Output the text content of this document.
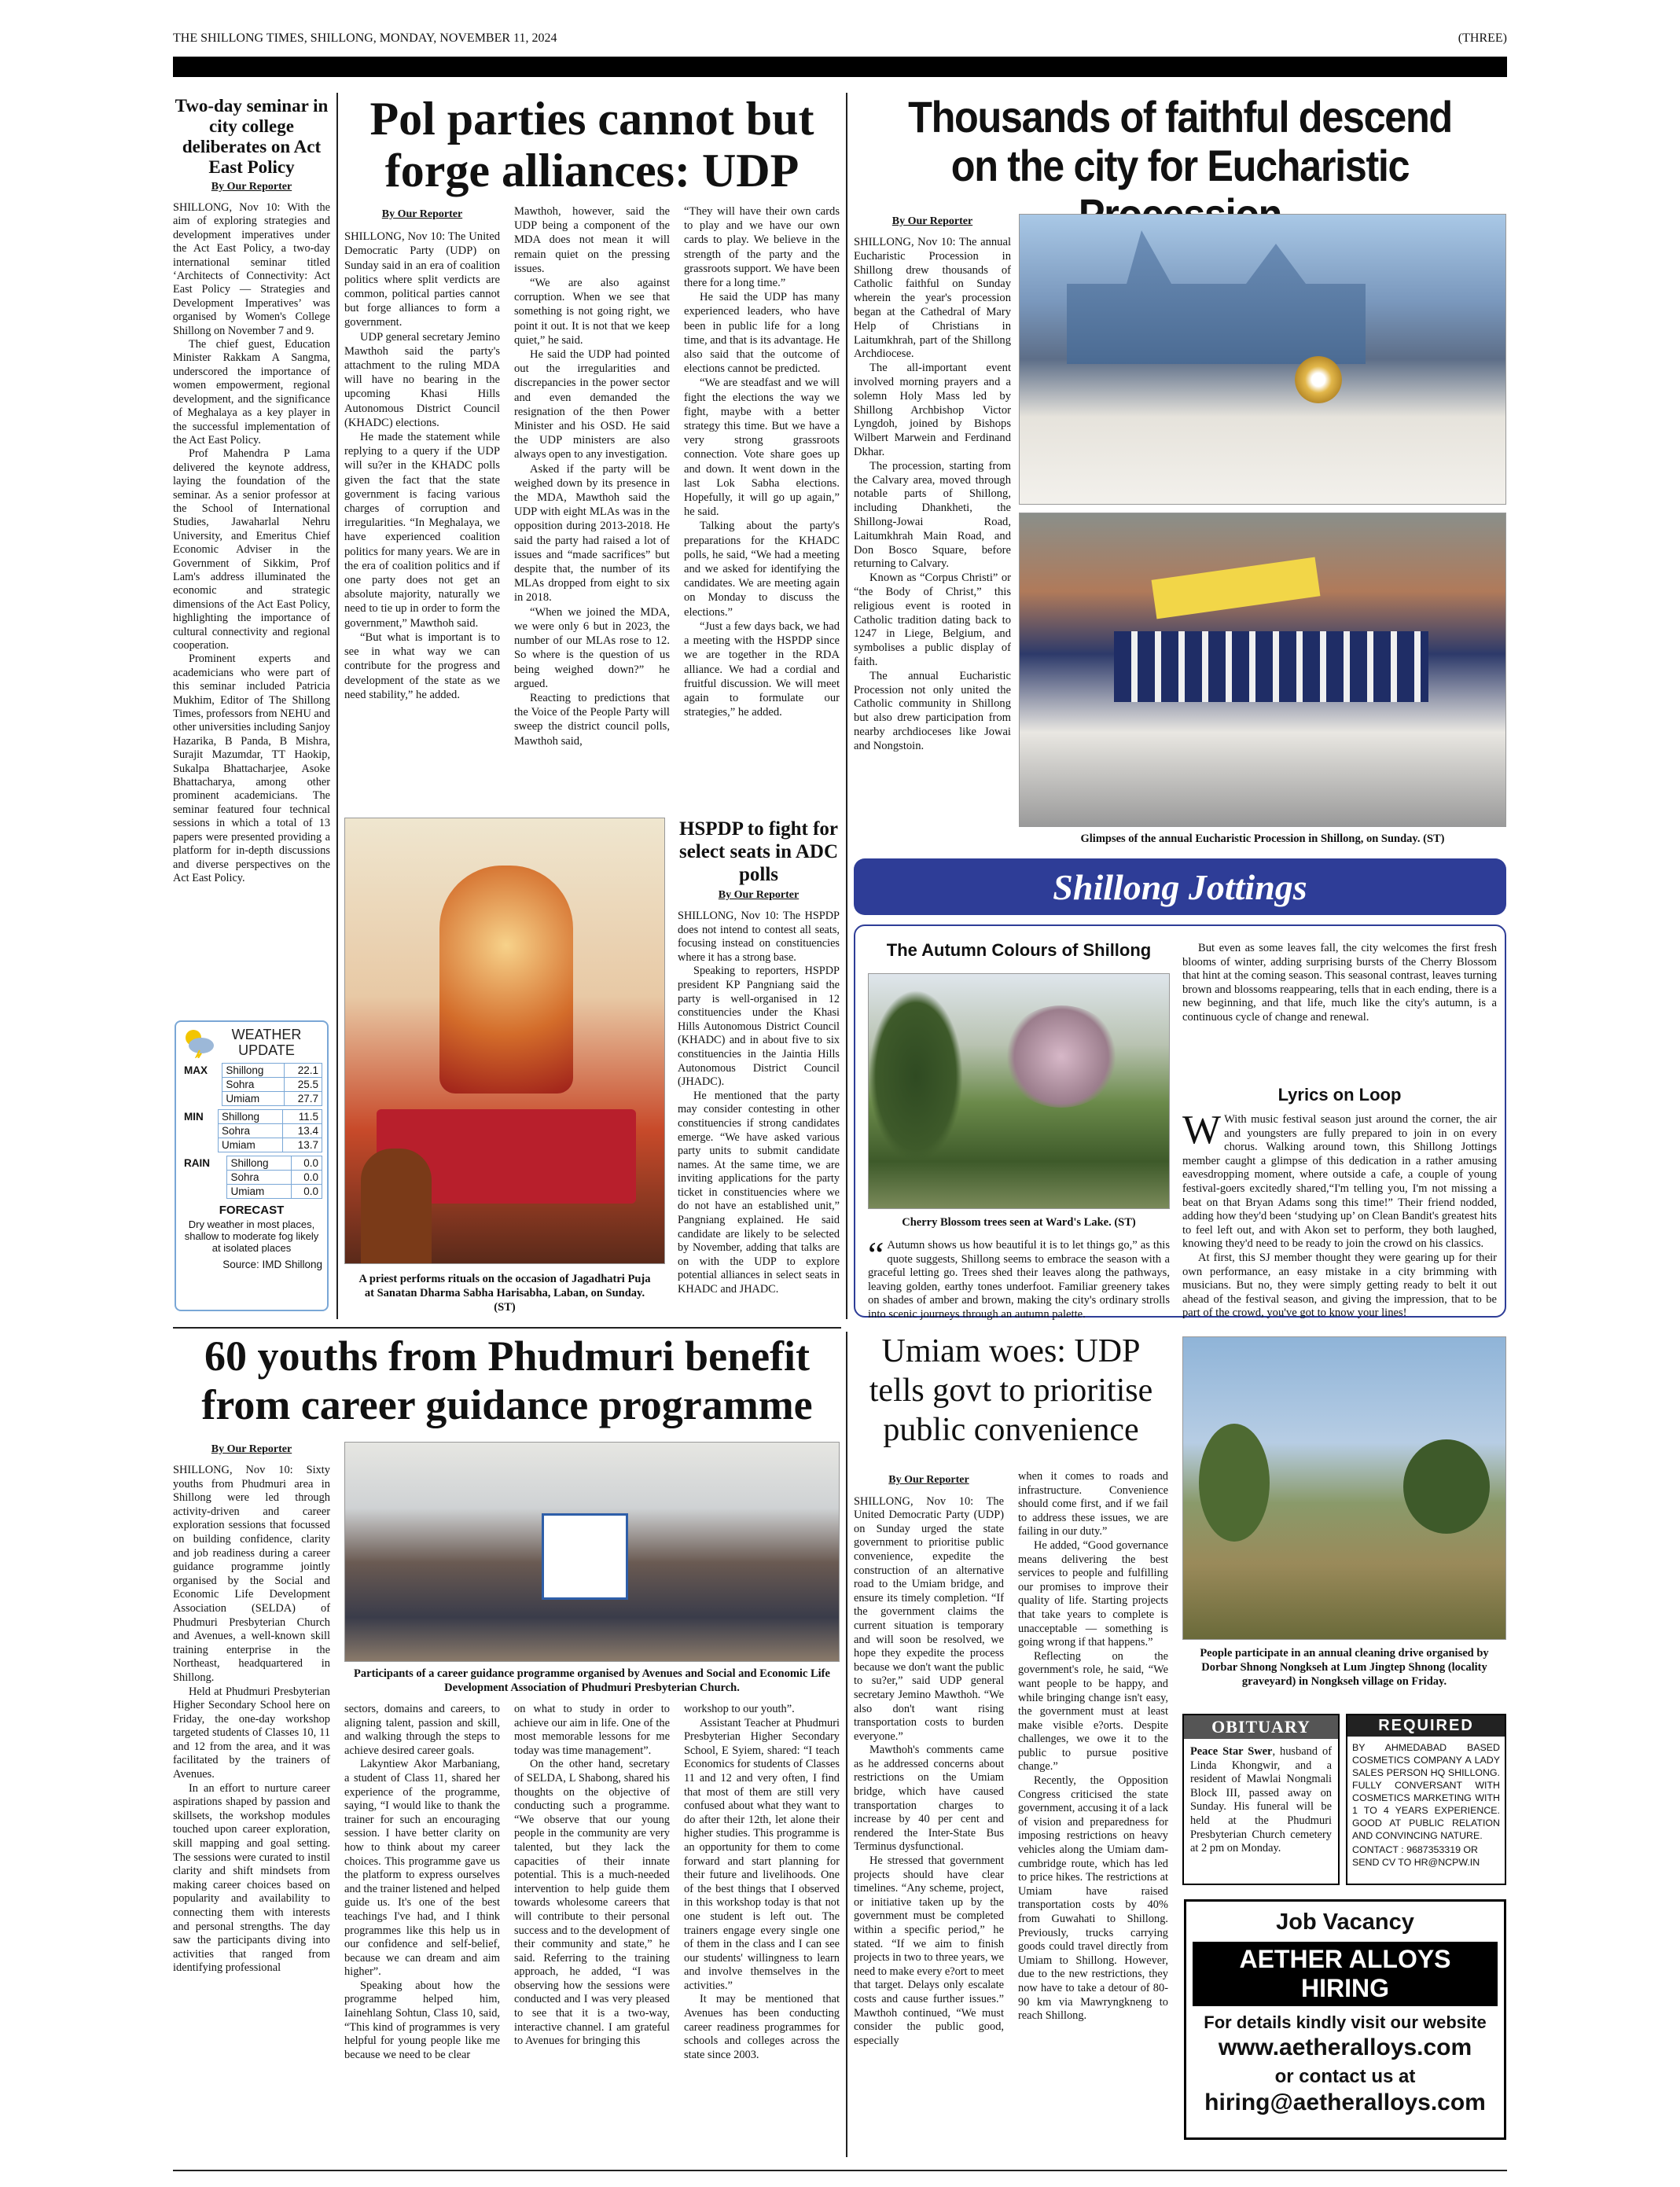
THE SHILLONG TIMES, SHILLONG, MONDAY, NOVEMBER 11, 2024	(THREE)
Two-day seminar in city college deliberates on Act East Policy
By Our Reporter

SHILLONG, Nov 10: With the aim of exploring strategies and development imperatives under the Act East Policy, a two-day international seminar titled ‘Architects of Connectivity: Act East Policy — Strategies and Development Imperatives’ was organised by Women's College Shillong on November 7 and 9.

The chief guest, Education Minister Rakkam A Sangma, underscored the importance of women empowerment, regional development, and the significance of Meghalaya as a key player in the successful implementation of the Act East Policy.

Prof Mahendra P Lama delivered the keynote address, laying the foundation of the seminar. As a senior professor at the School of International Studies, Jawaharlal Nehru University, and Emeritus Chief Economic Adviser in the Government of Sikkim, Prof Lam's address illuminated the economic and strategic dimensions of the Act East Policy, highlighting the importance of cultural connectivity and regional cooperation.

Prominent experts and academicians who were part of this seminar included Patricia Mukhim, Editor of The Shillong Times, professors from NEHU and other universities including Sanjoy Hazarika, B Panda, B Mishra, Surajit Mazumdar, TT Haokip, Sukalpa Bhattacharjee, Asoke Bhattacharya, among other prominent academicians. The seminar featured four technical sessions in which a total of 13 papers were presented providing a platform for in-depth discussions and diverse perspectives on the Act East Policy.

WEATHER UPDATE
MAX	Shillong	22.1
	Sohra	25.5
	Umiam	27.7
MIN	Shillong	11.5
	Sohra	13.4
	Umiam	13.7
RAIN	Shillong	0.0
	Sohra	0.0
	Umiam	0.0
FORECAST
Dry weather in most places, shallow to moderate fog likely at isolated places
Source: IMD Shillong
Pol parties cannot but forge alliances: UDP
By Our Reporter

SHILLONG, Nov 10: The United Democratic Party (UDP) on Sunday said in an era of coalition politics where split verdicts are common, political parties cannot but forge alliances to form a government.

UDP general secretary Jemino Mawthoh said the party's attachment to the ruling MDA will have no bearing in the upcoming Khasi Hills Autonomous District Council (KHADC) elections.

He made the statement while replying to a query if the UDP will su?er in the KHADC polls given the fact that the state government is facing various charges of corruption and irregularities. “In Meghalaya, we have experienced coalition politics for many years. We are in the era of coalition politics and if one party does not get an absolute majority, naturally we need to tie up in order to form the government,” Mawthoh said.

“But what is important is to see in what way we can contribute for the progress and development of the state as we need stability,” he added.

Mawthoh, however, said the UDP being a component of the MDA does not mean it will remain quiet on the pressing issues.

“We are also against corruption. When we see that something is not going right, we point it out. It is not that we keep quiet,” he said.

He said the UDP had pointed out the irregularities and discrepancies in the power sector and even demanded the resignation of the then Power Minister and his OSD. He said the UDP ministers are also always open to any investigation.

Asked if the party will be weighed down by its presence in the MDA, Mawthoh said the UDP with eight MLAs was in the opposition during 2013-2018. He said the party had raised a lot of issues and “made sacrifices” but despite that, the number of its MLAs dropped from eight to six in 2018.

“When we joined the MDA, we were only 6 but in 2023, the number of our MLAs rose to 12. So where is the question of us being weighed down?” he argued.

Reacting to predictions that the Voice of the People Party will sweep the district council polls, Mawthoh said,

“They will have their own cards to play and we have our own cards to play. We believe in the strength of the party and the grassroots support. We have been there for a long time.”

He said the UDP has many experienced leaders, who have been in public life for a long time, and that is its advantage. He also said that the outcome of elections cannot be predicted.

“We are steadfast and we will fight the elections the way we fight, maybe with a better strategy this time. But we have a very strong grassroots connection. Vote share goes up and down. It went down in the last Lok Sabha elections. Hopefully, it will go up again,” he said.

Talking about the party's preparations for the KHADC polls, he said, “We had a meeting and we asked for identifying the candidates. We are meeting again on Monday to discuss the elections.”

“Just a few days back, we had a meeting with the HSPDP since we are together in the RDA alliance. We had a cordial and fruitful discussion. We will meet again to formulate our strategies,” he added.

A priest performs rituals on the occasion of Jagadhatri Puja at Sanatan Dharma Sabha Harisabha, Laban, on Sunday. (ST)
HSPDP to fight for select seats in ADC polls
By Our Reporter

SHILLONG, Nov 10: The HSPDP does not intend to contest all seats, focusing instead on constituencies where it has a strong base.

Speaking to reporters, HSPDP president KP Pangniang said the party is well-organised in 12 constituencies under the Khasi Hills Autonomous District Council (KHADC) and in about five to six constituencies in the Jaintia Hills Autonomous District Council (JHADC).

He mentioned that the party may consider contesting in other constituencies if strong candidates emerge. “We have asked various party units to submit candidate names. At the same time, we are inviting applications for the party ticket in constituencies where we do not have an established unit,” Pangniang explained. He said candidate are likely to be selected by November, adding that talks are on with the UDP to explore potential alliances in select seats in KHADC and JHADC.

Thousands of faithful descend on the city for Eucharistic
By Our Reporter

SHILLONG, Nov 10: The annual Eucharistic Procession in Shillong drew thousands of Catholic faithful on Sunday wherein the year's procession began at the Cathedral of Mary Help of Christians in Laitumkhrah, part of the Shillong Archdiocese.

The all-important event involved morning prayers and a solemn Holy Mass led by Shillong Archbishop Victor Lyngdoh, joined by Bishops Wilbert Marwein and Ferdinand Dkhar.

The procession, starting from the Calvary area, moved through notable parts of Shillong, including Dhankheti, the Shillong-Jowai Road, Laitumkhrah Main Road, and Don Bosco Square, before returning to Calvary.

Known as “Corpus Christi” or “the Body of Christ,” this religious event is rooted in Catholic tradition dating back to 1247 in Liege, Belgium, and symbolises a public display of faith.

The annual Eucharistic Procession not only united the Catholic community in Shillong but also drew participation from nearby archdioceses like Jowai and Nongstoin.

Glimpses of the annual Eucharistic Procession in Shillong, on Sunday. (ST)
Shillong Jottings
The Autumn Colours of Shillong
Cherry Blossom trees seen at Ward's Lake. (ST)
“ Autumn shows us how beautiful it is to let things go,” as this quote suggests, Shillong seems to embrace the season with a graceful letting go. Trees shed their leaves along the pathways, leaving golden, earthy tones underfoot. Familiar greenery takes on shades of amber and brown, making the city's ordinary strolls into scenic journeys through an autumn palette.

But even as some leaves fall, the city welcomes the first fresh blooms of winter, adding surprising bursts of the Cherry Blossom that hint at the coming season. This seasonal contrast, leaves turning brown and blossoms reappearing, tells that in each ending, there is a new beginning, and that life, much like the city's autumn, is a continuous cycle of change and renewal.

Lyrics on Loop

W With music festival season just around the corner, the air and youngsters are fully prepared to join in on every chorus. Walking around town, this Shillong Jottings member caught a glimpse of this dedication in a rather amusing eavesdropping moment, where outside a cafe, a couple of young festival-goers excitedly shared,“I'm telling you, I'm not missing a beat on that Bryan Adams song this time!” Their friend nodded, adding how they'd been ‘studying up’ on Clean Bandit's greatest hits to feel left out, and with Akon set to perform, they both laughed, knowing they'd need to be ready to join the crowd on his classics.

At first, this SJ member thought they were gearing up for their own performance, an easy mistake in a city brimming with musicians. But no, they were simply getting ready to belt it out ahead of the festival season, and giving the impression, that to be part of the crowd, you've got to know your lines!

60 youths from Phudmuri benefit from career guidance programme
By Our Reporter

SHILLONG, Nov 10: Sixty youths from Phudmuri area in Shillong were led through activity-driven and career exploration sessions that focussed on building confidence, clarity and job readiness during a career guidance programme jointly organised by the Social and Economic Life Development Association (SELDA) of Phudmuri Presbyterian Church and Avenues, a well-known skill training enterprise in the Northeast, headquartered in Shillong.

Held at Phudmuri Presbyterian Higher Secondary School here on Friday, the one-day workshop targeted students of Classes 10, 11 and 12 from the area, and it was facilitated by the trainers of Avenues.

In an effort to nurture career aspirations shaped by passion and skillsets, the workshop modules touched upon career exploration, skill mapping and goal setting. The sessions were curated to instil clarity and shift mindsets from making career choices based on popularity and availability to connecting them with interests and personal strengths. The day saw the participants diving into activities that ranged from identifying professional

Participants of a career guidance programme organised by Avenues and Social and Economic Life Development Association of Phudmuri Presbyterian Church.

sectors, domains and careers, to aligning talent, passion and skill, and walking through the steps to achieve desired career goals.

Lakyntiew Akor Marbaniang, a student of Class 11, shared her experience of the programme, saying, “I would like to thank the trainer for such an encouraging session. I have better clarity on how to think about my career choices. This programme gave us the platform to express ourselves and the trainer listened and helped guide us. It's one of the best teachings I've had, and I think programmes like this help us in our confidence and self-belief, because we can dream and aim higher”.

Speaking about how the programme helped him, Iainehlang Sohtun, Class 10, said, “This kind of programmes is very helpful for young people like me because we need to be clear

on what to study in order to achieve our aim in life. One of the most memorable lessons for me today was time management”.

On the other hand, secretary of SELDA, L Shabong, shared his thoughts on the objective of conducting such a programme. “We observe that our young people in the community are very talented, but they lack the capacities of their innate potential. This is a much-needed intervention to help guide them towards wholesome careers that will contribute to their personal success and to the development of their community and state,” he said. Referring to the training approach, he added, “I was observing how the sessions were conducted and I was very pleased to see that it is a two-way, interactive channel. I am grateful to Avenues for bringing this

workshop to our youth”.

Assistant Teacher at Phudmuri Presbyterian Higher Secondary School, E Syiem, shared: “I teach Economics for students of Classes 11 and 12 and very often, I find that most of them are still very confused about what they want to do after their 12th, let alone their higher studies. This programme is an opportunity for them to come forward and start planning for their future and livelihoods. One of the best things that I observed in this workshop today is that not one student is left out. The trainers engage every single one of them in the class and I can see our students' willingness to learn and involve themselves in the activities.”

It may be mentioned that Avenues has been conducting career readiness programmes for schools and colleges across the state since 2003.

Umiam woes: UDP tells govt to prioritise public convenience
By Our Reporter

SHILLONG, Nov 10: The United Democratic Party (UDP) on Sunday urged the state government to prioritise public convenience, expedite the construction of an alternative road to the Umiam bridge, and ensure its timely completion. “If the government claims the current situation is temporary and will soon be resolved, we hope they expedite the process because we don't want the public to su?er,” said UDP general secretary Jemino Mawthoh. “We also don't want rising transportation costs to burden everyone.”

Mawthoh's comments came as he addressed concerns about restrictions on the Umiam bridge, which have caused transportation charges to increase by 40 per cent and rendered the Inter-State Bus Terminus dysfunctional.

He stressed that government projects should have clear timelines. “Any scheme, project, or initiative taken up by the government must be completed within a specific period,” he stated. “If we aim to finish projects in two to three years, we need to make every e?ort to meet that target. Delays only escalate costs and cause further issues.” Mawthoh continued, “We must consider the public good, especially

when it comes to roads and infrastructure. Convenience should come first, and if we fail to address these issues, we are failing in our duty.”

He added, “Good governance means delivering the best services to people and fulfilling our promises to improve their quality of life. Starting projects that take years to complete is unacceptable — something is going wrong if that happens.”

Reflecting on the government's role, he said, “We want people to be happy, and while bringing change isn't easy, the government must at least make visible e?orts. Despite challenges, we owe it to the public to pursue positive change.”

Recently, the Opposition Congress criticised the state government, accusing it of a lack of vision and preparedness for imposing restrictions on heavy vehicles along the Umiam dam-cumbridge route, which has led to price hikes. The restrictions at Umiam have raised transportation costs by 40% from Guwahati to Shillong. Previously, trucks carrying goods could travel directly from Umiam to Shillong. However, due to the new restrictions, they now have to take a detour of 80-90 km via Mawryngkneng to reach Shillong.

People participate in an annual cleaning drive organised by Dorbar Shnong Nongkseh at Lum Jingtep Shnong (locality graveyard) in Nongkseh village on Friday.
OBITUARY
Peace Star Swer, husband of Linda Khongwir, and a resident of Mawlai Nongmali Block III, passed away on Sunday. His funeral will be held at the Phudmuri Presbyterian Church cemetery at 2 pm on Monday.
REQUIRED
BY AHMEDABAD BASED COSMETICS COMPANY A LADY SALES PERSON HQ SHILLONG. FULLY CONVERSANT WITH COSMETICS MARKETING WITH 1 TO 4 YEARS EXPERIENCE. GOOD AT PUBLIC RELATION AND CONVINCING NATURE.
CONTACT : 9687353319 OR SEND CV TO HR@NCPW.IN
Job Vacancy
AETHER ALLOYS HIRING
For details kindly visit our website
www.aetheralloys.com
or contact us at
hiring@aetheralloys.com
